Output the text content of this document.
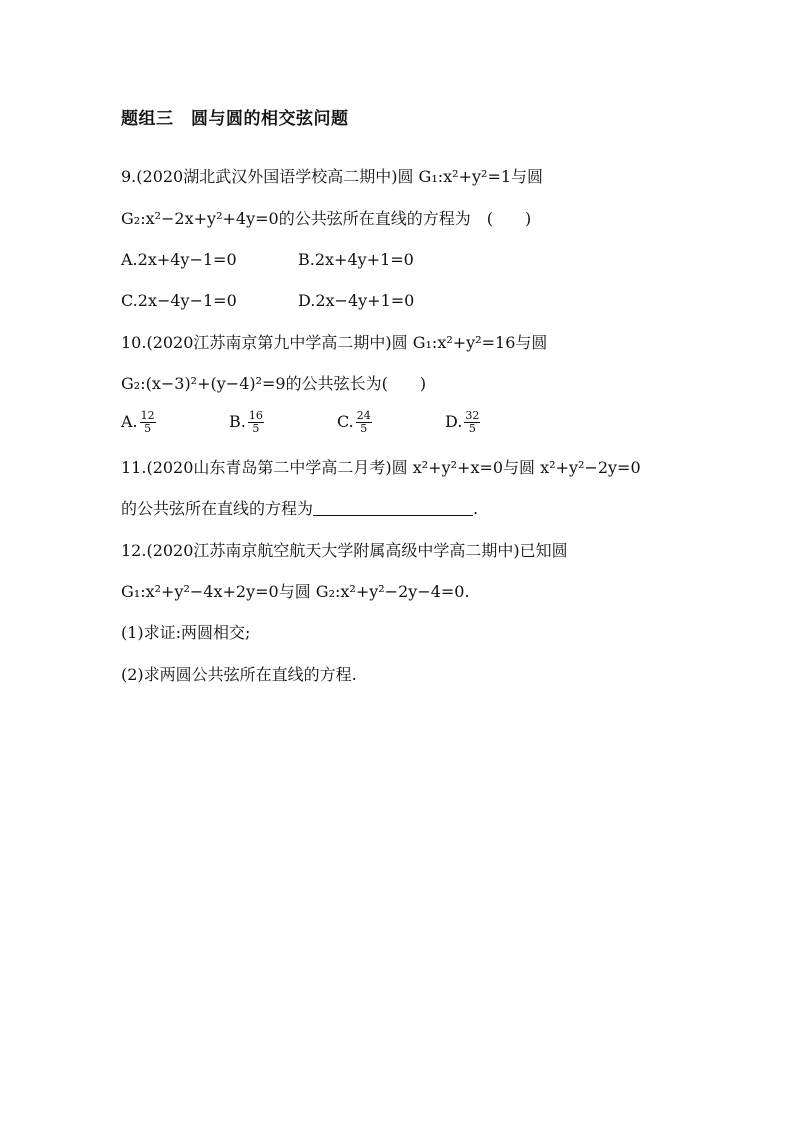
题组三　圆与圆的相交弦问题
9.(2020湖北武汉外国语学校高二期中)圆 G₁:x²+y²=1与圆
G₂:x²−2x+y²+4y=0的公共弦所在直线的方程为　(　　)
A.2x+4y−1=0	B.2x+4y+1=0
C.2x−4y−1=0	D.2x−4y+1=0
10.(2020江苏南京第九中学高二期中)圆 G₁:x²+y²=16与圆
G₂:(x−3)²+(y−4)²=9的公共弦长为(　　)
A. $\frac{12}{5}$	B. $\frac{16}{5}$	C. $\frac{24}{5}$	D. $\frac{32}{5}$
11.(2020山东青岛第二中学高二月考)圆 x²+y²+x=0与圆 x²+y²−2y=0
的公共弦所在直线的方程为	.
12.(2020江苏南京航空航天大学附属高级中学高二期中)已知圆
G₁:x²+y²−4x+2y=0与圆 G₂:x²+y²−2y−4=0.
(1)求证:两圆相交;
(2)求两圆公共弦所在直线的方程.
